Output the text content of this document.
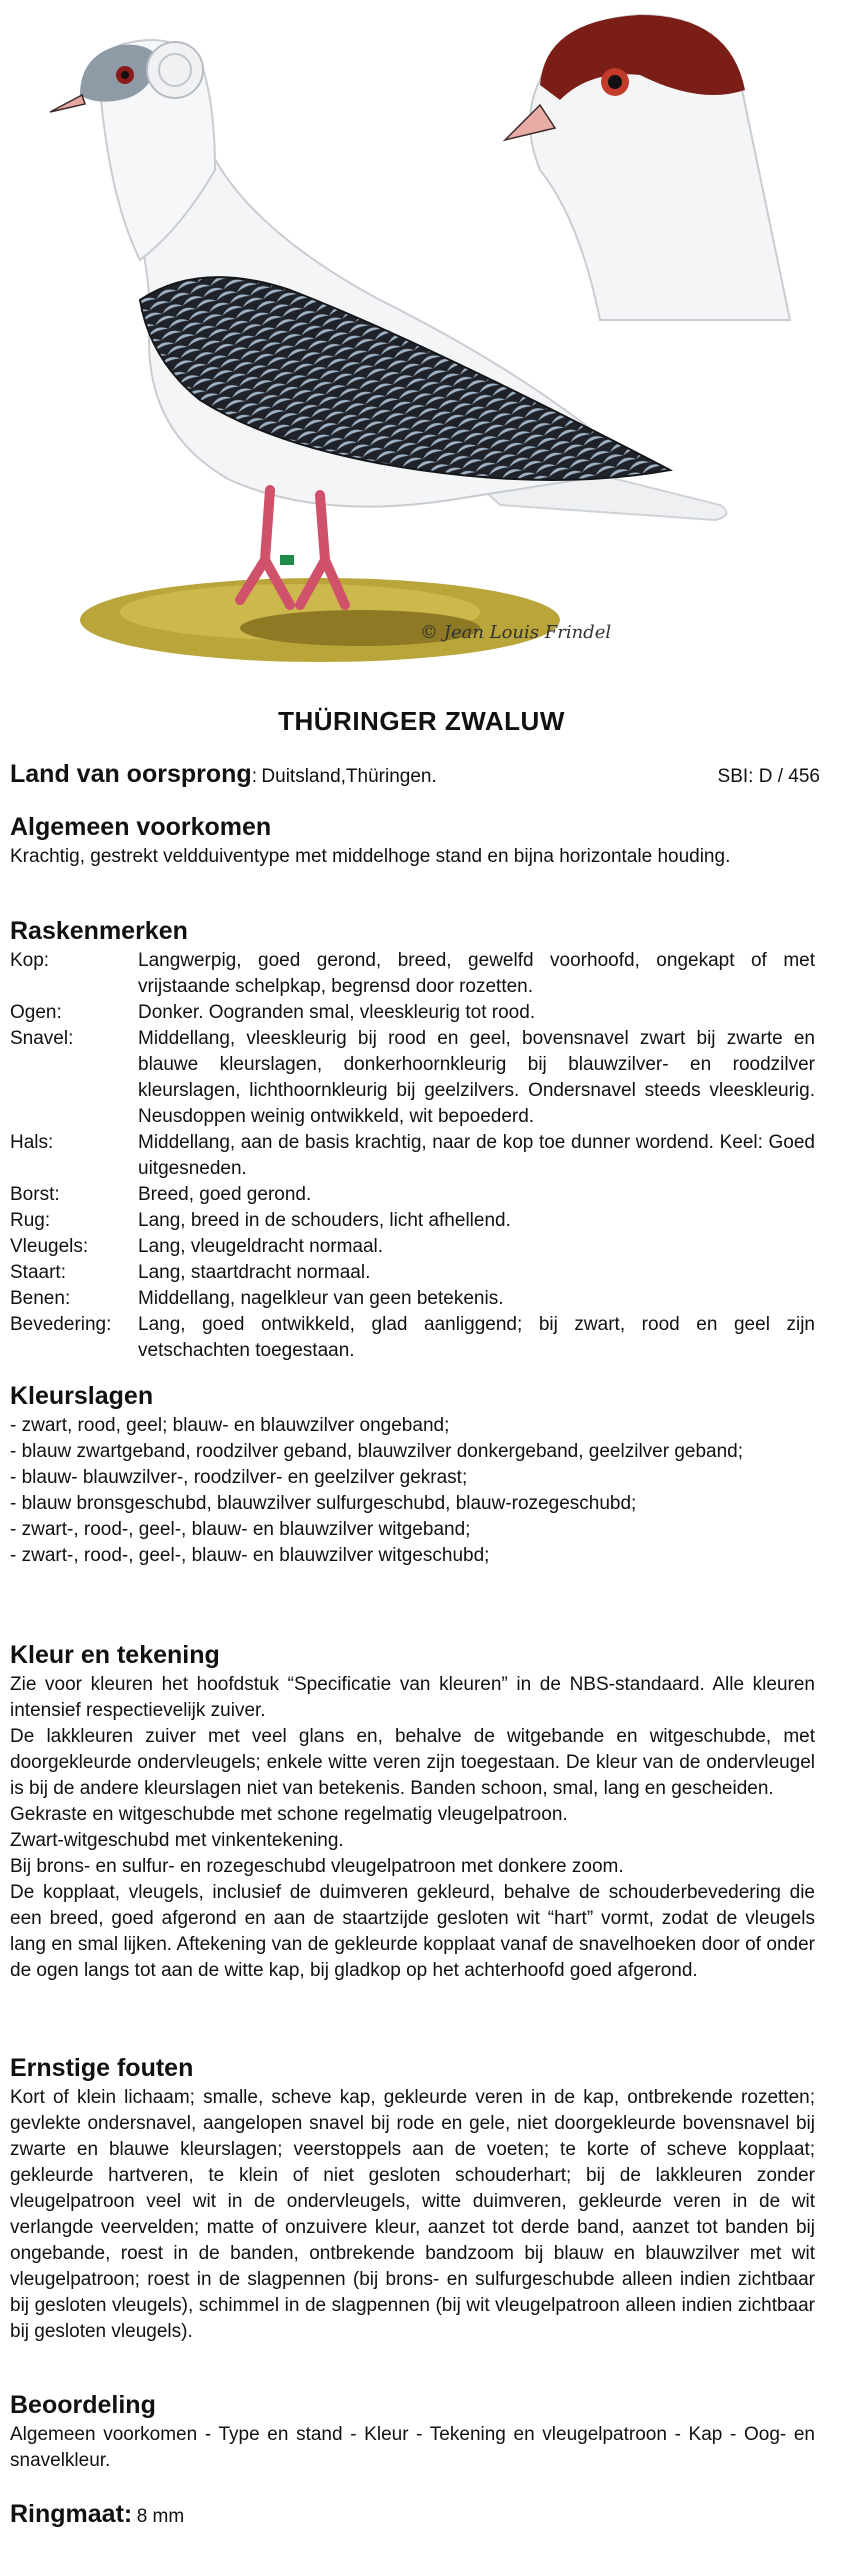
© Jean Louis Frindel
THÜRINGER ZWALUW
Land van oorsprong: Duitsland,Thüringen.	SBI: D / 456
Algemeen voorkomen

Krachtig, gestrekt veldduiventype met middelhoge stand en bijna horizontale houding.

Raskenmerken
Kop:	Langwerpig, goed gerond, breed, gewelfd voorhoofd, ongekapt of met vrijstaande schelpkap, begrensd door rozetten.
Ogen:	Donker. Oogranden smal, vleeskleurig tot rood.
Snavel:	Middellang, vleeskleurig bij rood en geel, bovensnavel zwart bij zwarte en blauwe kleurslagen, donkerhoornkleurig bij blauwzilver- en roodzilver kleurslagen, lichthoornkleurig bij geelzilvers. Ondersnavel steeds vleeskleurig. Neusdoppen weinig ontwikkeld, wit bepoederd.
Hals:	Middellang, aan de basis krachtig, naar de kop toe dunner wordend. Keel: Goed uitgesneden.
Borst:	Breed, goed gerond.
Rug:	Lang, breed in de schouders, licht afhellend.
Vleugels:	Lang, vleugeldracht normaal.
Staart:	Lang, staartdracht normaal.
Benen:	Middellang, nagelkleur van geen betekenis.
Bevedering:	Lang, goed ontwikkeld, glad aanliggend; bij zwart, rood en geel zijn vetschachten toegestaan.
Kleurslagen
- zwart, rood, geel; blauw- en blauwzilver ongeband;
- blauw zwartgeband, roodzilver geband, blauwzilver donkergeband, geelzilver geband;
- blauw- blauwzilver-, roodzilver- en geelzilver gekrast;
- blauw bronsgeschubd, blauwzilver sulfurgeschubd, blauw-rozegeschubd;
- zwart-, rood-, geel-, blauw- en blauwzilver witgeband;
- zwart-, rood-, geel-, blauw- en blauwzilver witgeschubd;
Kleur en tekening

Zie voor kleuren het hoofdstuk “Specificatie van kleuren” in de NBS-standaard. Alle kleuren intensief respectievelijk zuiver.

De lakkleuren zuiver met veel glans en, behalve de witgebande en witgeschubde, met doorgekleurde ondervleugels; enkele witte veren zijn toegestaan. De kleur van de ondervleugel is bij de andere kleurslagen niet van betekenis. Banden schoon, smal, lang en gescheiden.

Gekraste en witgeschubde met schone regelmatig vleugelpatroon.

Zwart-witgeschubd met vinkentekening.

Bij brons- en sulfur- en rozegeschubd vleugelpatroon met donkere zoom.

De kopplaat, vleugels, inclusief de duimveren gekleurd, behalve de schouderbevedering die een breed, goed afgerond en aan de staartzijde gesloten wit “hart” vormt, zodat de vleugels lang en smal lijken. Aftekening van de gekleurde kopplaat vanaf de snavelhoeken door of onder de ogen langs tot aan de witte kap, bij gladkop op het achterhoofd goed afgerond.

Ernstige fouten

Kort of klein lichaam; smalle, scheve kap, gekleurde veren in de kap, ontbrekende rozetten; gevlekte ondersnavel, aangelopen snavel bij rode en gele, niet doorgekleurde bovensnavel bij zwarte en blauwe kleurslagen; veerstoppels aan de voeten; te korte of scheve kopplaat; gekleurde hartveren, te klein of niet gesloten schouderhart; bij de lakkleuren zonder vleugelpatroon veel wit in de ondervleugels, witte duimveren, gekleurde veren in de wit verlangde veervelden; matte of onzuivere kleur, aanzet tot derde band, aanzet tot banden bij ongebande, roest in de banden, ontbrekende bandzoom bij blauw en blauwzilver met wit vleugelpatroon; roest in de slagpennen (bij brons- en sulfurgeschubde alleen indien zichtbaar bij gesloten vleugels), schimmel in de slagpennen (bij wit vleugelpatroon alleen indien zichtbaar bij gesloten vleugels).

Beoordeling

Algemeen voorkomen - Type en stand - Kleur - Tekening en vleugelpatroon - Kap - Oog- en snavelkleur.

Ringmaat: 8 mm
